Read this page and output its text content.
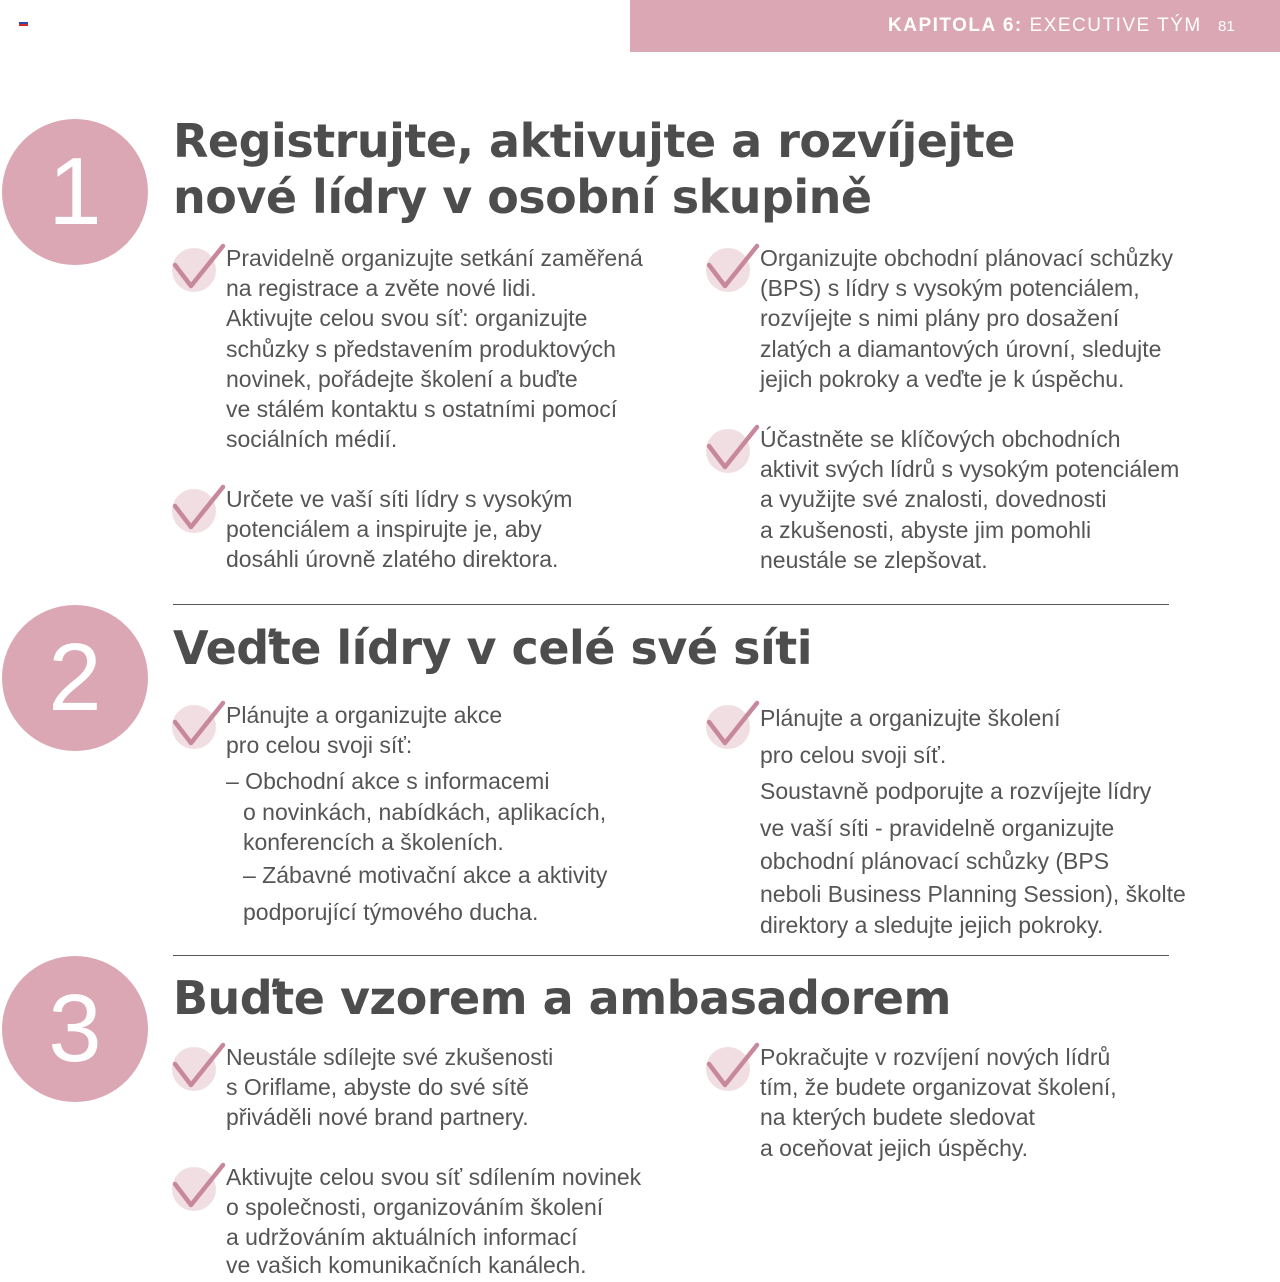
KAPITOLA 6: EXECUTIVE TÝM 81
1	Registrujte, aktivujte a rozvíjejte
nové lídry v osobní skupině

Pravidelně organizujte setkání zaměřená

na registrace a zvěte nové lidi.

Aktivujte celou svou síť: organizujte

schůzky s představením produktových

novinek, pořádejte školení a buďte

ve stálém kontaktu s ostatními pomocí

sociálních médií.

Určete ve vaší síti lídry s vysokým

potenciálem a inspirujte je, aby

dosáhli úrovně zlatého direktora.

Organizujte obchodní plánovací schůzky

(BPS) s lídry s vysokým potenciálem,

rozvíjejte s nimi plány pro dosažení

zlatých a diamantových úrovní, sledujte

jejich pokroky a veďte je k úspěchu.

Účastněte se klíčových obchodních

aktivit svých lídrů s vysokým potenciálem

a využijte své znalosti, dovednosti

a zkušenosti, abyste jim pomohli

neustále se zlepšovat.

2	Veďte lídry v celé své síti

Plánujte a organizujte akce

pro celou svoji síť:

– Obchodní akce s informacemi

o novinkách, nabídkách, aplikacích,

konferencích a školeních.

– Zábavné motivační akce a aktivity

podporující týmového ducha.

Plánujte a organizujte školení

pro celou svoji síť.

Soustavně podporujte a rozvíjejte lídry

ve vaší síti - pravidelně organizujte

obchodní plánovací schůzky (BPS

neboli Business Planning Session), školte

direktory a sledujte jejich pokroky.

3	Buďte vzorem a ambasadorem

Neustále sdílejte své zkušenosti

s Oriflame, abyste do své sítě

přiváděli nové brand partnery.

Aktivujte celou svou síť sdílením novinek

o společnosti, organizováním školení

a udržováním aktuálních informací

ve vašich komunikačních kanálech.

Pokračujte v rozvíjení nových lídrů

tím, že budete organizovat školení,

na kterých budete sledovat

a oceňovat jejich úspěchy.
